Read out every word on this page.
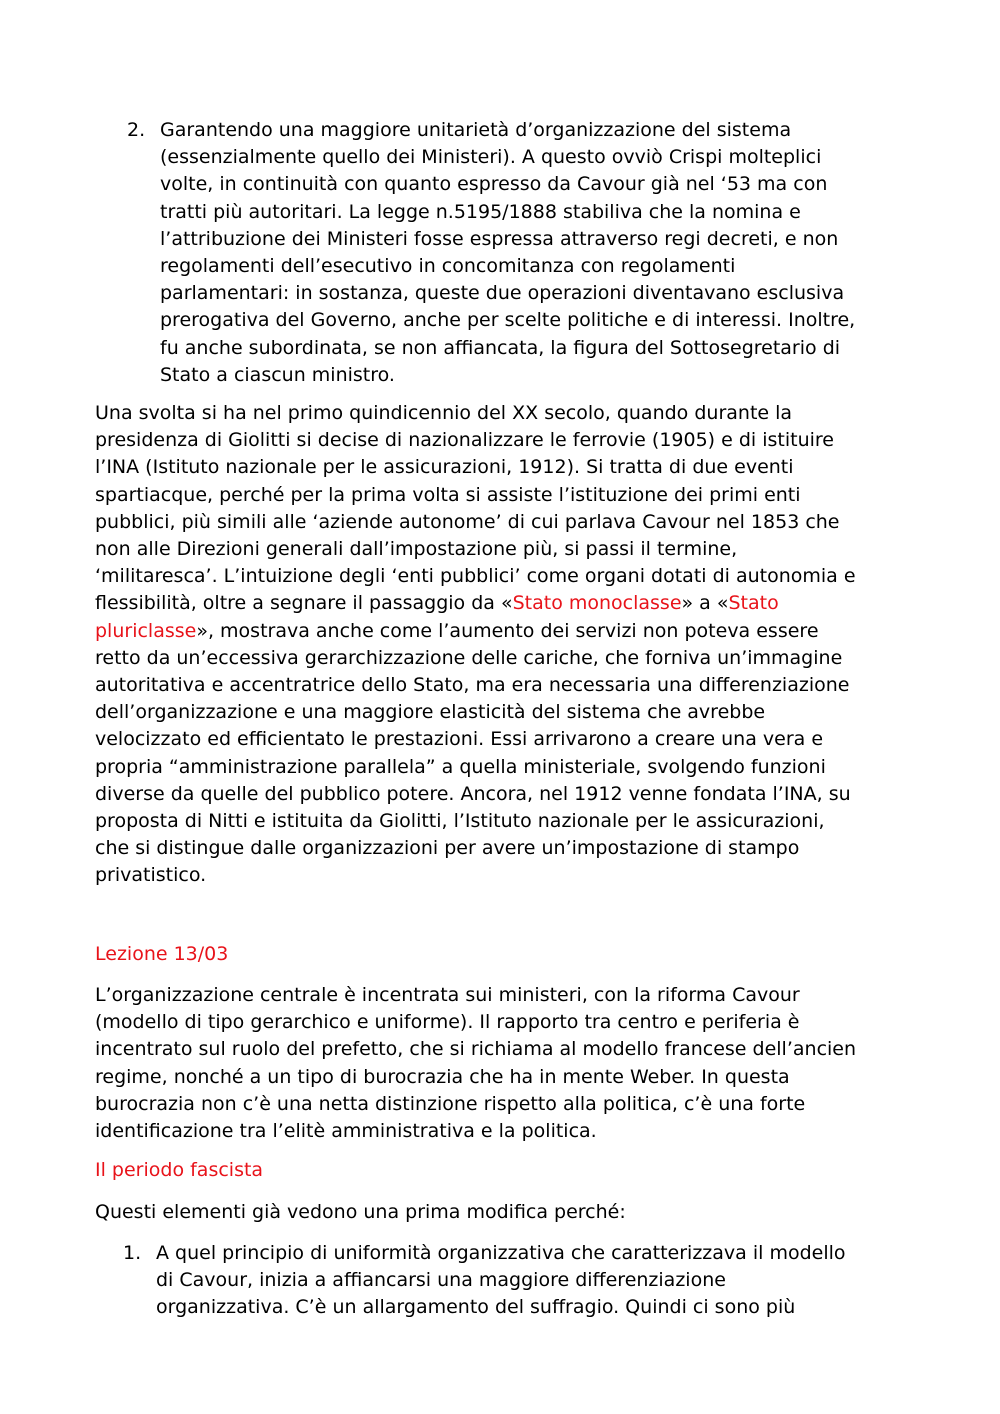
2. Garantendo una maggiore unitarietà d’organizzazione del sistema
(essenzialmente quello dei Ministeri). A questo ovviò Crispi molteplici
volte, in continuità con quanto espresso da Cavour già nel ‘53 ma con
tratti più autoritari. La legge n.5195/1888 stabiliva che la nomina e
l’attribuzione dei Ministeri fosse espressa attraverso regi decreti, e non
regolamenti dell’esecutivo in concomitanza con regolamenti
parlamentari: in sostanza, queste due operazioni diventavano esclusiva
prerogativa del Governo, anche per scelte politiche e di interessi. Inoltre,
fu anche subordinata, se non affiancata, la figura del Sottosegretario di
Stato a ciascun ministro.
Una svolta si ha nel primo quindicennio del XX secolo, quando durante la
presidenza di Giolitti si decise di nazionalizzare le ferrovie (1905) e di istituire
l’INA (Istituto nazionale per le assicurazioni, 1912). Si tratta di due eventi
spartiacque, perché per la prima volta si assiste l’istituzione dei primi enti
pubblici, più simili alle ‘aziende autonome’ di cui parlava Cavour nel 1853 che
non alle Direzioni generali dall’impostazione più, si passi il termine,
‘militaresca’. L’intuizione degli ‘enti pubblici’ come organi dotati di autonomia e
flessibilità, oltre a segnare il passaggio da «Stato monoclasse» a «Stato
pluriclasse», mostrava anche come l’aumento dei servizi non poteva essere
retto da un’eccessiva gerarchizzazione delle cariche, che forniva un’immagine
autoritativa e accentratrice dello Stato, ma era necessaria una differenziazione
dell’organizzazione e una maggiore elasticità del sistema che avrebbe
velocizzato ed efficientato le prestazioni. Essi arrivarono a creare una vera e
propria “amministrazione parallela” a quella ministeriale, svolgendo funzioni
diverse da quelle del pubblico potere. Ancora, nel 1912 venne fondata l’INA, su
proposta di Nitti e istituita da Giolitti, l’Istituto nazionale per le assicurazioni,
che si distingue dalle organizzazioni per avere un’impostazione di stampo
privatistico.
Lezione 13/03
L’organizzazione centrale è incentrata sui ministeri, con la riforma Cavour
(modello di tipo gerarchico e uniforme). Il rapporto tra centro e periferia è
incentrato sul ruolo del prefetto, che si richiama al modello francese dell’ancien
regime, nonché a un tipo di burocrazia che ha in mente Weber. In questa
burocrazia non c’è una netta distinzione rispetto alla politica, c’è una forte
identificazione tra l’elitè amministrativa e la politica.
Il periodo fascista
Questi elementi già vedono una prima modifica perché:
1. A quel principio di uniformità organizzativa che caratterizzava il modello
di Cavour, inizia a affiancarsi una maggiore differenziazione
organizzativa. C’è un allargamento del suffragio. Quindi ci sono più
